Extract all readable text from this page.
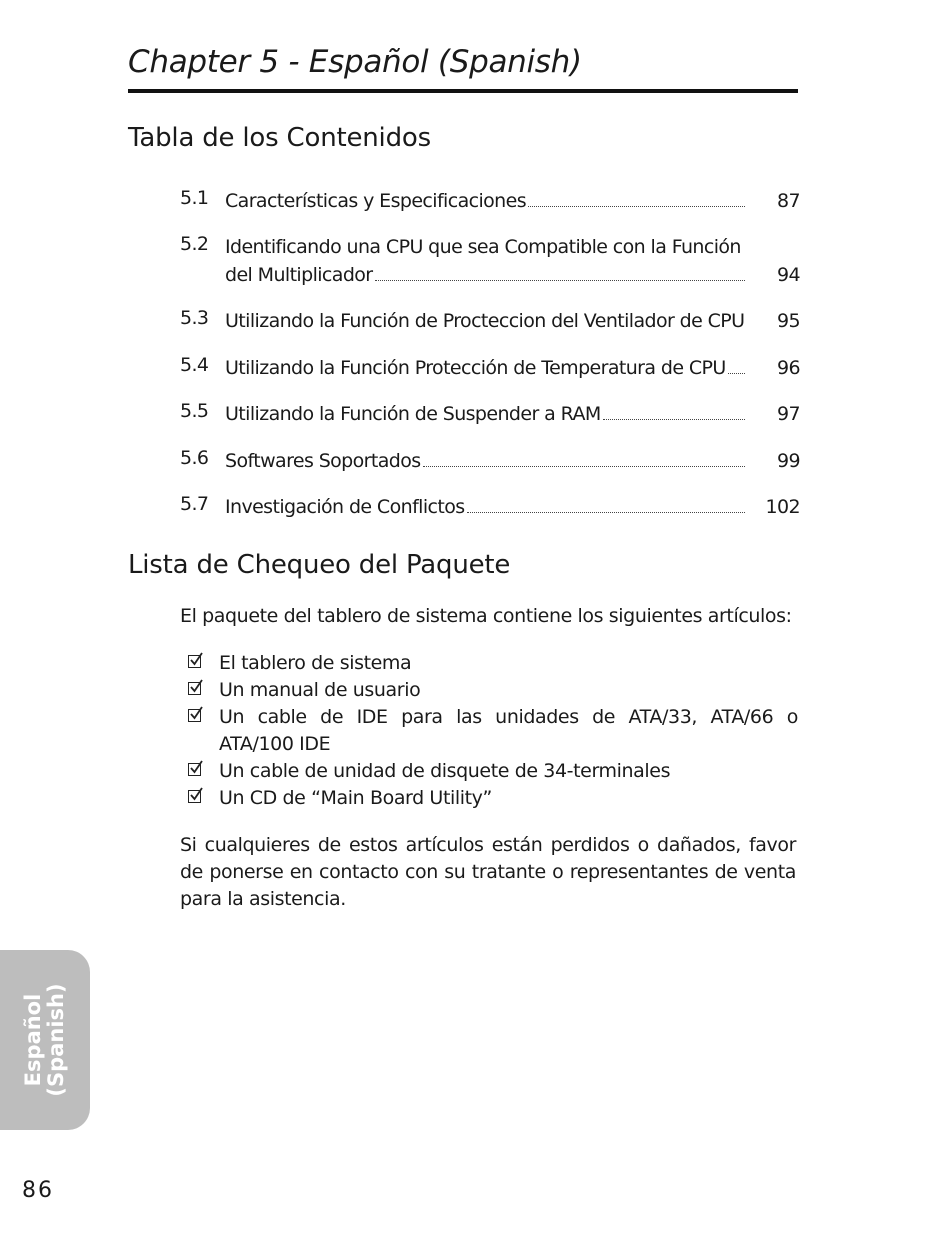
Chapter 5 - Español (Spanish)
Tabla de los Contenidos
5.1 Características y Especificaciones	87
5.2 Identificando una CPU que sea Compatible con la Función
del Multiplicador	94
5.3 Utilizando la Función de Procteccion del Ventilador de CPU	95
5.4 Utilizando la Función Protección de Temperatura de CPU	96
5.5 Utilizando la Función de Suspender a RAM	97
5.6 Softwares Soportados	99
5.7 Investigación de Conflictos	102
Lista de Chequeo del Paquete
El paquete del tablero de sistema contiene los siguientes artículos:
El tablero de sistema
Un manual de usuario
Un cable de IDE para las unidades de ATA/33, ATA/66 o ATA/100 IDE
Un cable de unidad de disquete de 34-terminales
Un CD de “Main Board Utility”
Si cualquieres de estos artículos están perdidos o dañados, favor de ponerse en contacto con su tratante o representantes de venta para la asistencia.
Español (Spanish)
86
